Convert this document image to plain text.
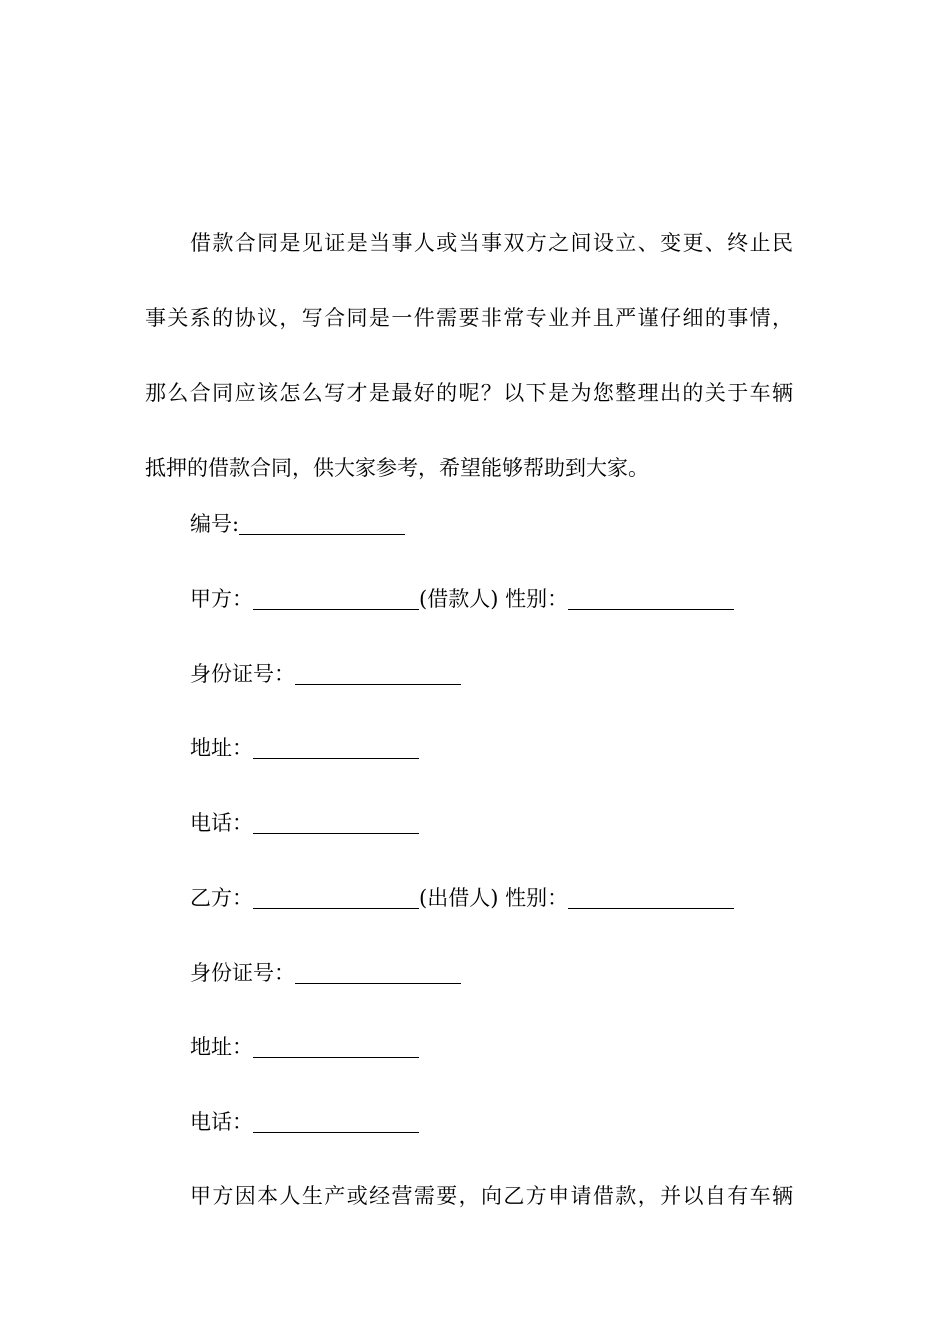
借款合同是见证是当事人或当事双方之间设立、变更、终止民
事关系的协议，写合同是一件需要非常专业并且严谨仔细的事情，
那么合同应该怎么写才是最好的呢？以下是为您整理出的关于车辆
抵押的借款合同，供大家参考，希望能够帮助到大家。
编号:
甲方：	(借款人) 性别：
身份证号：
地址：
电话：
乙方：	(出借人) 性别：
身份证号：
地址：
电话：

甲方因本人生产或经营需要，向乙方申请借款，并以自有车辆
